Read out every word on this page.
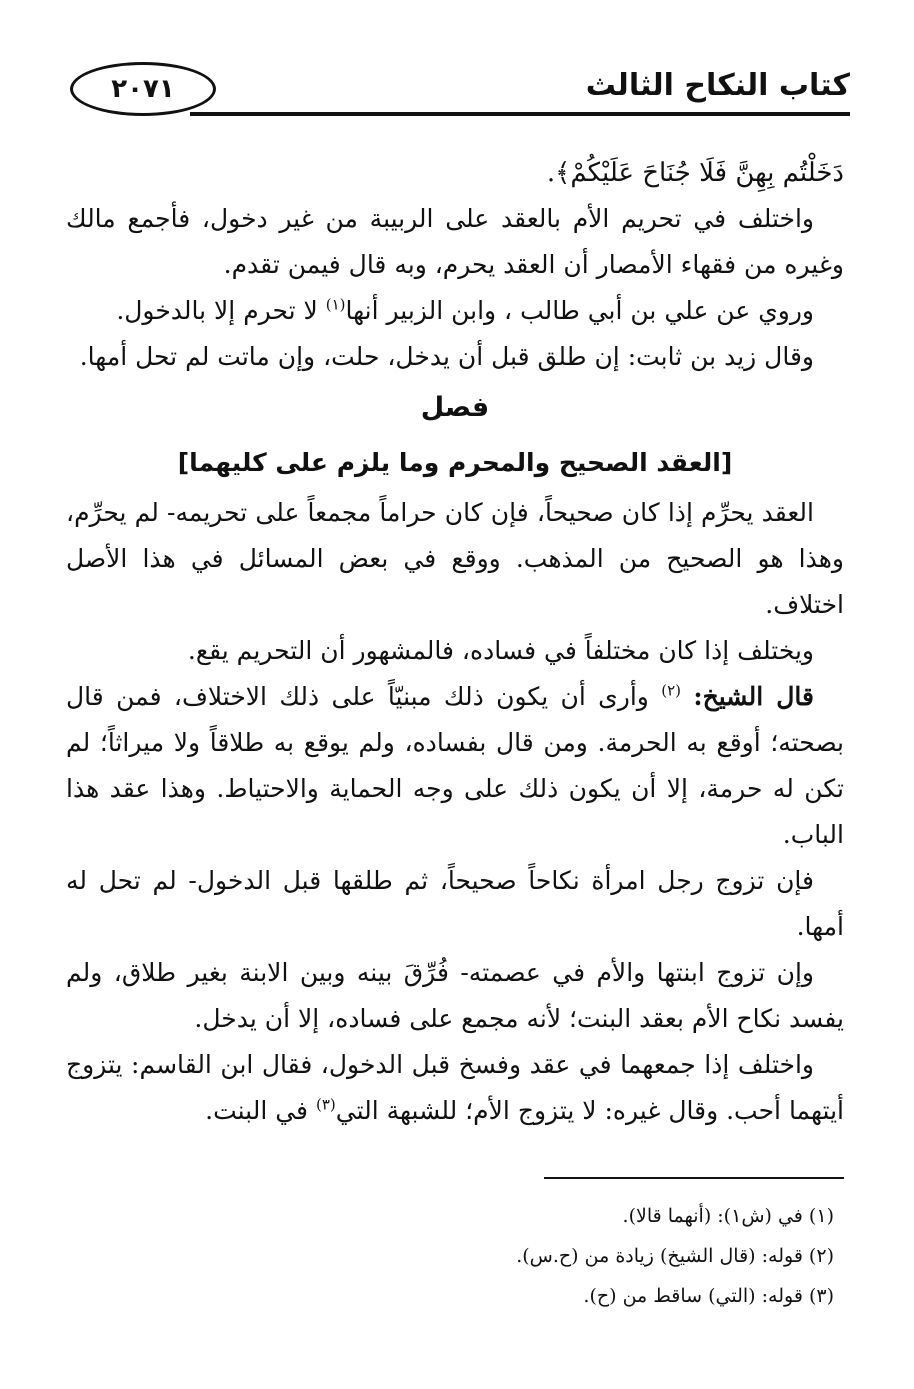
كتاب النكاح الثالث
٢٠٧١

دَخَلْتُم بِهِنَّ فَلَا جُنَاحَ عَلَيْكُمْ﴾.

واختلف في تحريم الأم بالعقد على الربيبة من غير دخول، فأجمع مالك وغيره من فقهاء الأمصار أن العقد يحرم، وبه قال فيمن تقدم.

وروي عن علي بن أبي طالب ، وابن الزبير أنها$^{(١)}$ لا تحرم إلا بالدخول.

وقال زيد بن ثابت: إن طلق قبل أن يدخل، حلت، وإن ماتت لم تحل أمها.

فصل

[العقد الصحيح والمحرم وما يلزم على كليهما]

العقد يحرِّم إذا كان صحيحاً، فإن كان حراماً مجمعاً على تحريمه- لم يحرِّم، وهذا هو الصحيح من المذهب. ووقع في بعض المسائل في هذا الأصل اختلاف.

ويختلف إذا كان مختلفاً في فساده، فالمشهور أن التحريم يقع.

قال الشيخ: $^{(٢)}$ وأرى أن يكون ذلك مبنيّاً على ذلك الاختلاف، فمن قال بصحته؛ أوقع به الحرمة. ومن قال بفساده، ولم يوقع به طلاقاً ولا ميراثاً؛ لم تكن له حرمة، إلا أن يكون ذلك على وجه الحماية والاحتياط. وهذا عقد هذا الباب.

فإن تزوج رجل امرأة نكاحاً صحيحاً، ثم طلقها قبل الدخول- لم تحل له أمها.

وإن تزوج ابنتها والأم في عصمته- فُرِّقَ بينه وبين الابنة بغير طلاق، ولم يفسد نكاح الأم بعقد البنت؛ لأنه مجمع على فساده، إلا أن يدخل.

واختلف إذا جمعهما في عقد وفسخ قبل الدخول، فقال ابن القاسم: يتزوج أيتهما أحب. وقال غيره: لا يتزوج الأم؛ للشبهة التي$^{(٣)}$ في البنت.

(١) في (ش١): (أنهما قالا).

(٢) قوله: (قال الشيخ) زيادة من (ح.س).

(٣) قوله: (التي) ساقط من (ح).
